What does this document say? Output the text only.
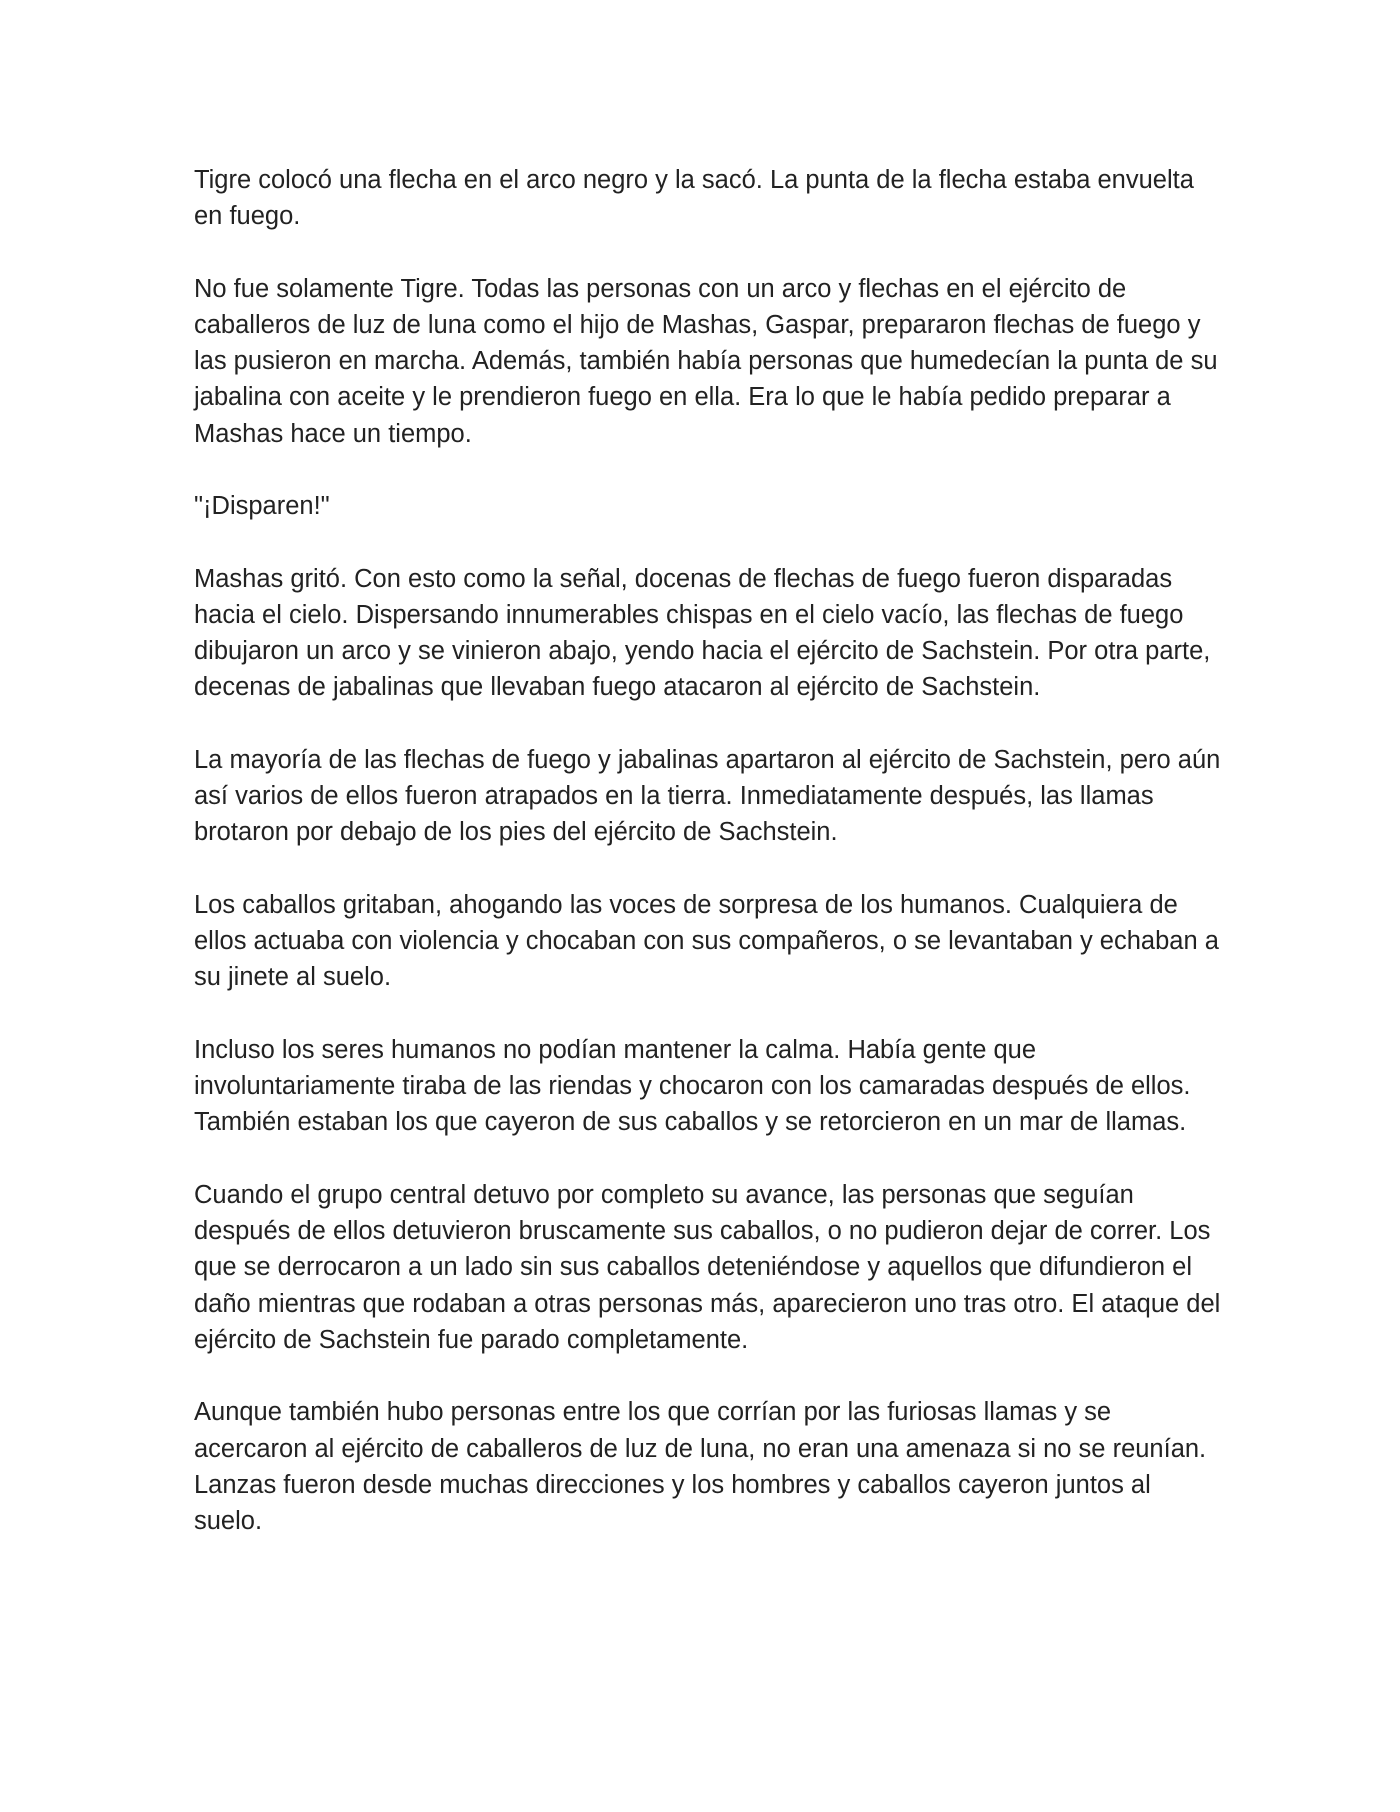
Tigre colocó una flecha en el arco negro y la sacó. La punta de la flecha estaba envuelta en fuego.

No fue solamente Tigre. Todas las personas con un arco y flechas en el ejército de caballeros de luz de luna como el hijo de Mashas, Gaspar, prepararon flechas de fuego y las pusieron en marcha. Además, también había personas que humedecían la punta de su jabalina con aceite y le prendieron fuego en ella. Era lo que le había pedido preparar a Mashas hace un tiempo.

"¡Disparen!"

Mashas gritó. Con esto como la señal, docenas de flechas de fuego fueron disparadas hacia el cielo. Dispersando innumerables chispas en el cielo vacío, las flechas de fuego dibujaron un arco y se vinieron abajo, yendo hacia el ejército de Sachstein. Por otra parte, decenas de jabalinas que llevaban fuego atacaron al ejército de Sachstein.

La mayoría de las flechas de fuego y jabalinas apartaron al ejército de Sachstein, pero aún así varios de ellos fueron atrapados en la tierra. Inmediatamente después, las llamas brotaron por debajo de los pies del ejército de Sachstein.

Los caballos gritaban, ahogando las voces de sorpresa de los humanos. Cualquiera de ellos actuaba con violencia y chocaban con sus compañeros, o se levantaban y echaban a su jinete al suelo.

Incluso los seres humanos no podían mantener la calma. Había gente que involuntariamente tiraba de las riendas y chocaron con los camaradas después de ellos. También estaban los que cayeron de sus caballos y se retorcieron en un mar de llamas.

Cuando el grupo central detuvo por completo su avance, las personas que seguían después de ellos detuvieron bruscamente sus caballos, o no pudieron dejar de correr. Los que se derrocaron a un lado sin sus caballos deteniéndose y aquellos que difundieron el daño mientras que rodaban a otras personas más, aparecieron uno tras otro. El ataque del ejército de Sachstein fue parado completamente.

Aunque también hubo personas entre los que corrían por las furiosas llamas y se acercaron al ejército de caballeros de luz de luna, no eran una amenaza si no se reunían. Lanzas fueron desde muchas direcciones y los hombres y caballos cayeron juntos al suelo.
